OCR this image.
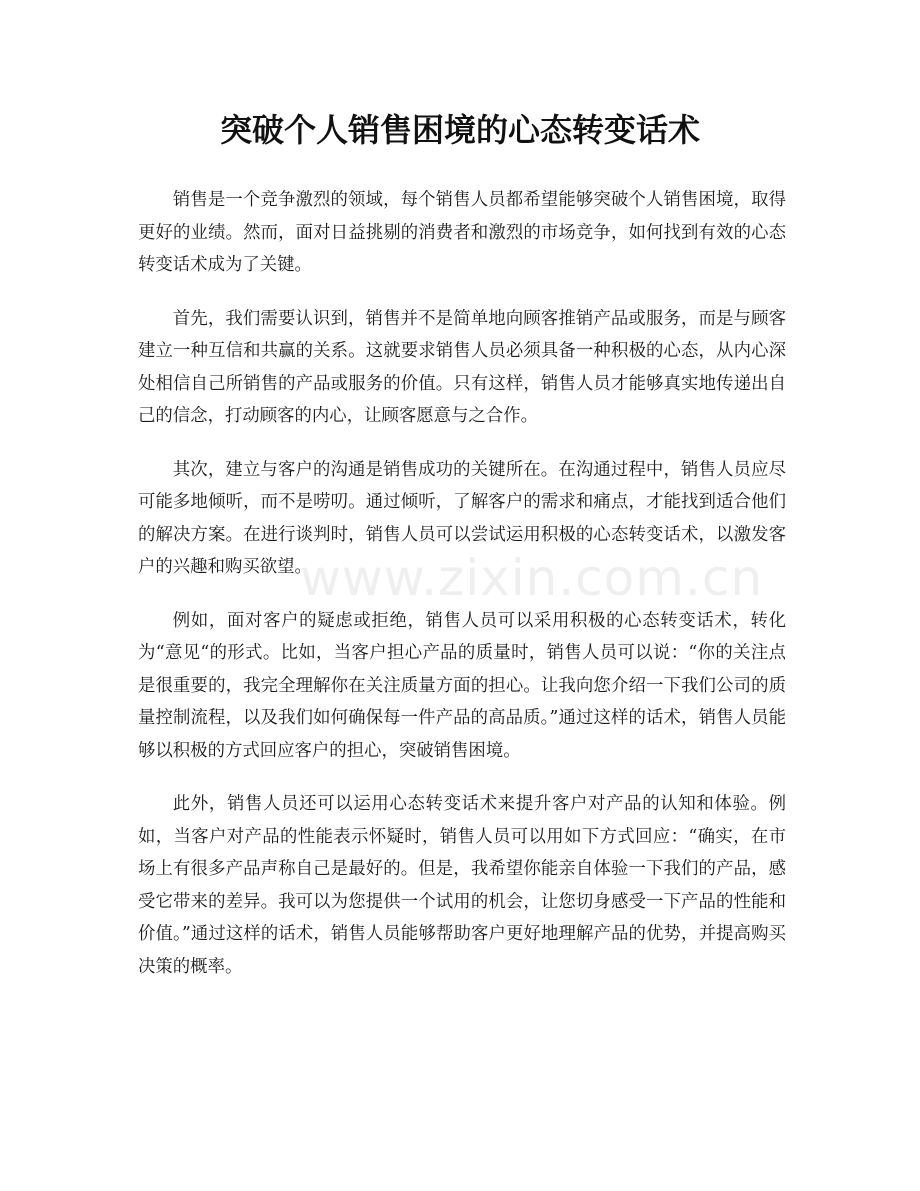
突破个人销售困境的心态转变话术

销售是一个竞争激烈的领域，每个销售人员都希望能够突破个人销售困境，取得更好的业绩。然而，面对日益挑剔的消费者和激烈的市场竞争，如何找到有效的心态转变话术成为了关键。

首先，我们需要认识到，销售并不是简单地向顾客推销产品或服务，而是与顾客建立一种互信和共赢的关系。这就要求销售人员必须具备一种积极的心态，从内心深处相信自己所销售的产品或服务的价值。只有这样，销售人员才能够真实地传递出自己的信念，打动顾客的内心，让顾客愿意与之合作。

其次，建立与客户的沟通是销售成功的关键所在。在沟通过程中，销售人员应尽可能多地倾听，而不是唠叨。通过倾听，了解客户的需求和痛点，才能找到适合他们的解决方案。在进行谈判时，销售人员可以尝试运用积极的心态转变话术，以激发客户的兴趣和购买欲望。

例如，面对客户的疑虑或拒绝，销售人员可以采用积极的心态转变话术，转化为“意见“的形式。比如，当客户担心产品的质量时，销售人员可以说：“你的关注点是很重要的，我完全理解你在关注质量方面的担心。让我向您介绍一下我们公司的质量控制流程，以及我们如何确保每一件产品的高品质。”通过这样的话术，销售人员能够以积极的方式回应客户的担心，突破销售困境。

此外，销售人员还可以运用心态转变话术来提升客户对产品的认知和体验。例如，当客户对产品的性能表示怀疑时，销售人员可以用如下方式回应：“确实，在市场上有很多产品声称自己是最好的。但是，我希望你能亲自体验一下我们的产品，感受它带来的差异。我可以为您提供一个试用的机会，让您切身感受一下产品的性能和价值。”通过这样的话术，销售人员能够帮助客户更好地理解产品的优势，并提高购买决策的概率。

www.zixin.com.cn
